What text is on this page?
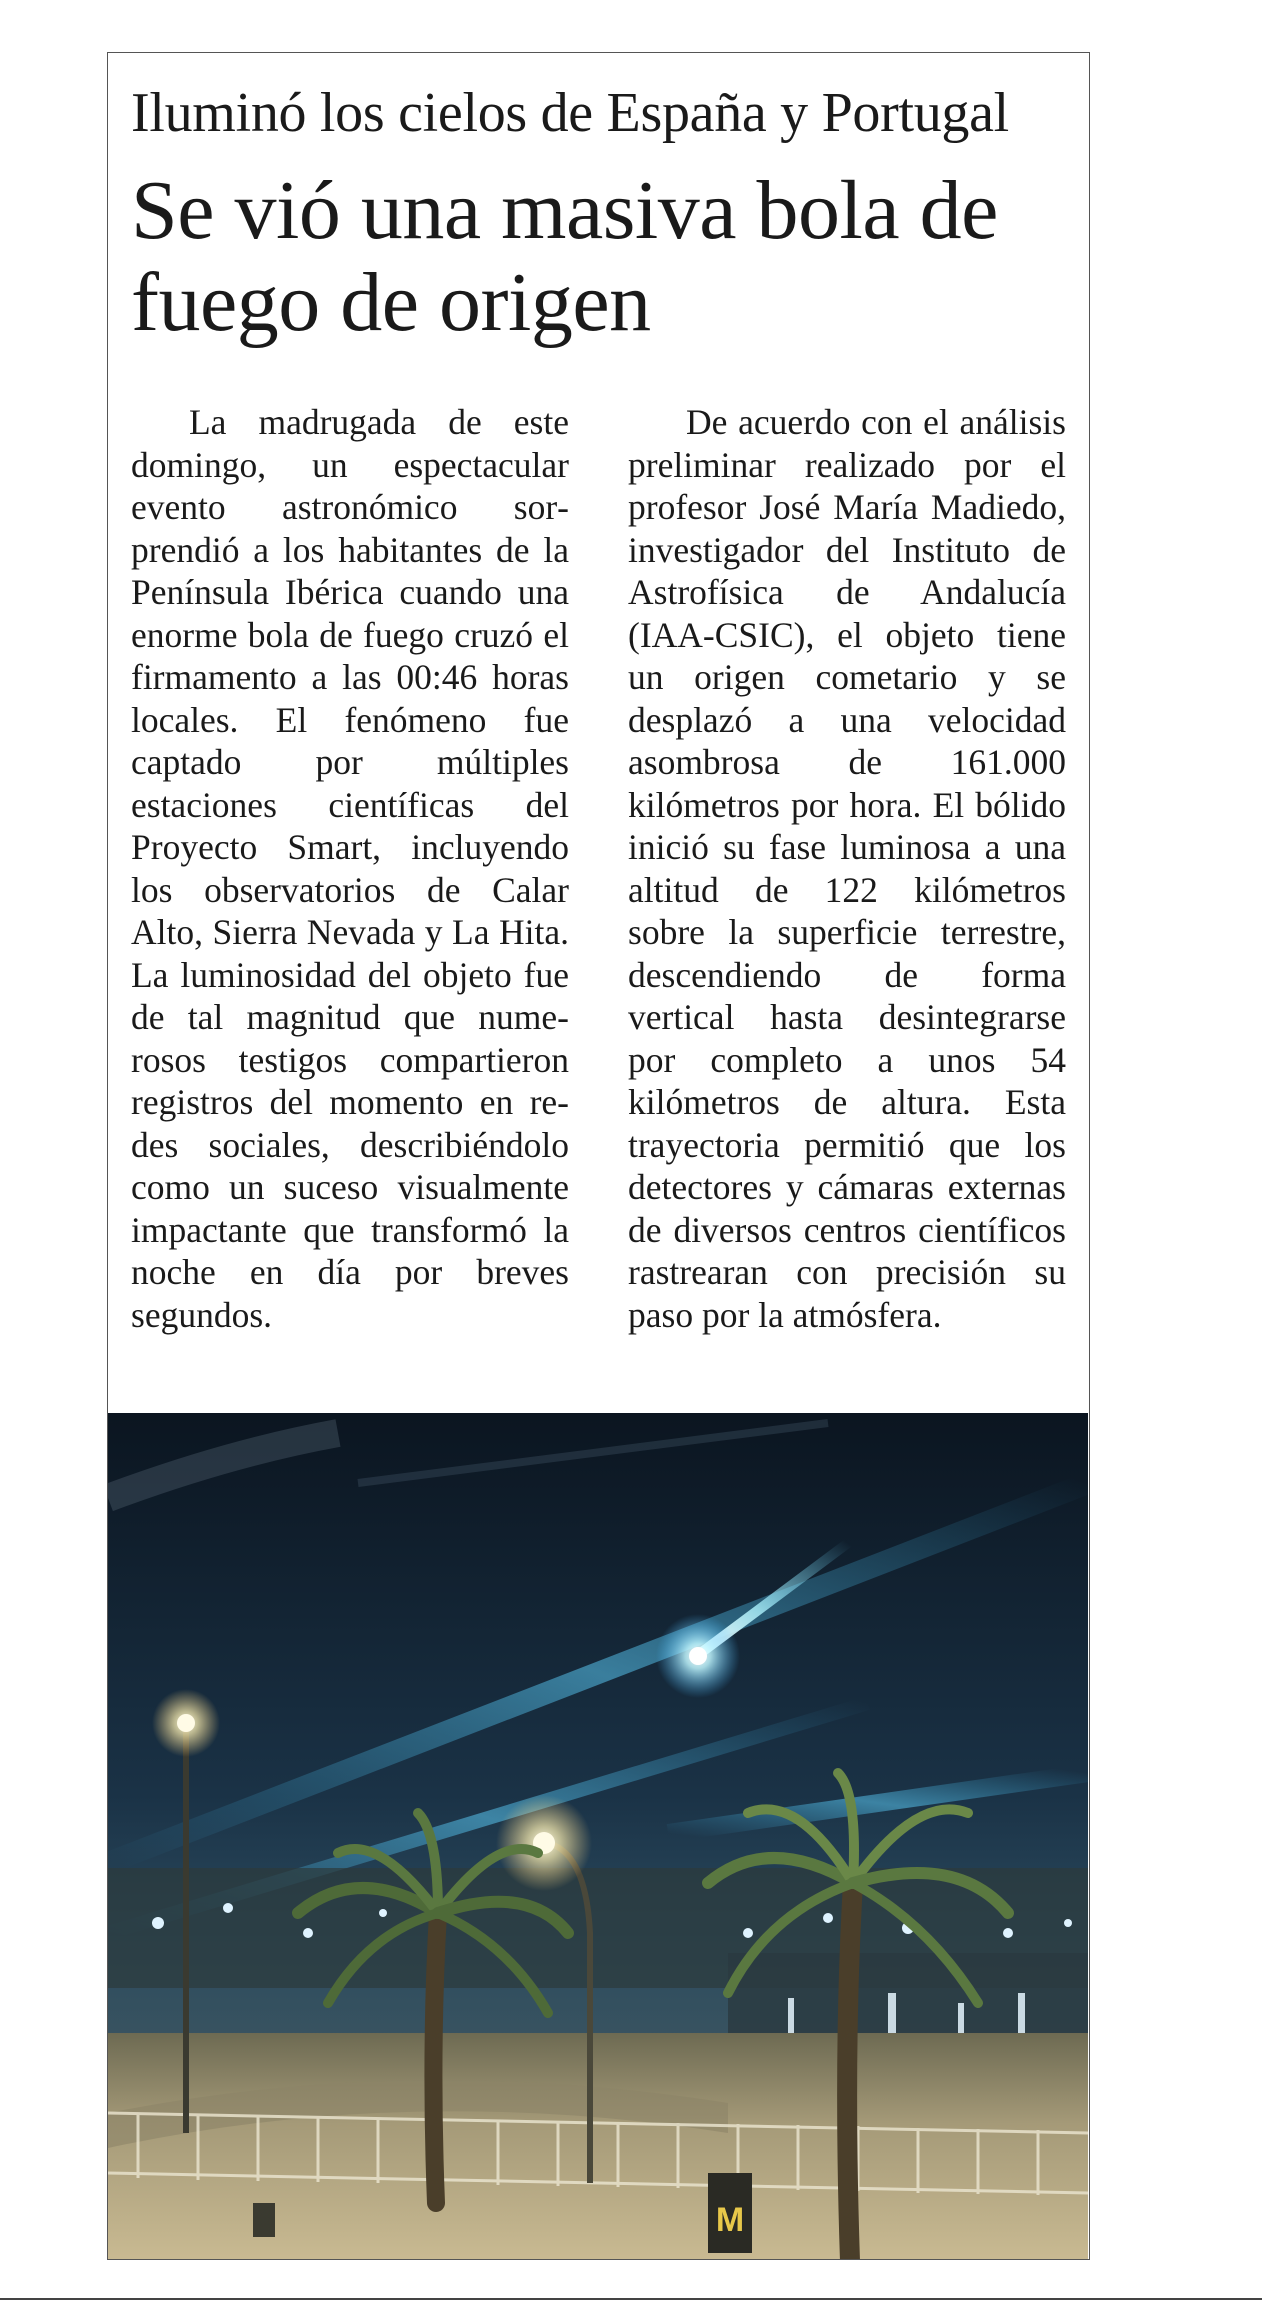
Iluminó los cielos de España y Portugal
Se vió una masiva bola de fuego de origen

La madrugada de este domingo, un espectacular evento astronómico sorprendió a los habitantes de la Península Ibérica cuando una enorme bola de fuego cruzó el firmamento a las 00:46 horas locales. El fenómeno fue captado por múltiples estaciones científicas del Proyecto Smart, incluyendo los observatorios de Calar Alto, Sierra Nevada y La Hita. La luminosidad del objeto fue de tal magnitud que numerosos testigos compartieron registros del momento en redes sociales, describiéndolo como un suceso visualmente impactante que transformó la noche en día por breves segundos.

De acuerdo con el análisis preliminar realizado por el profesor José María Madiedo, investigador del Instituto de Astrofísica de Andalucía (IAA-CSIC), el objeto tiene un origen cometario y se desplazó a una velocidad asombrosa de 161.000 kilómetros por hora. El bólido inició su fase luminosa a una altitud de 122 kilómetros sobre la superficie terrestre, descendiendo de forma vertical hasta desintegrarse por completo a unos 54 kilómetros de altura. Esta trayectoria permitió que los detectores y cámaras externas de diversos centros científicos rastrearan con precisión su paso por la atmósfera.

M
